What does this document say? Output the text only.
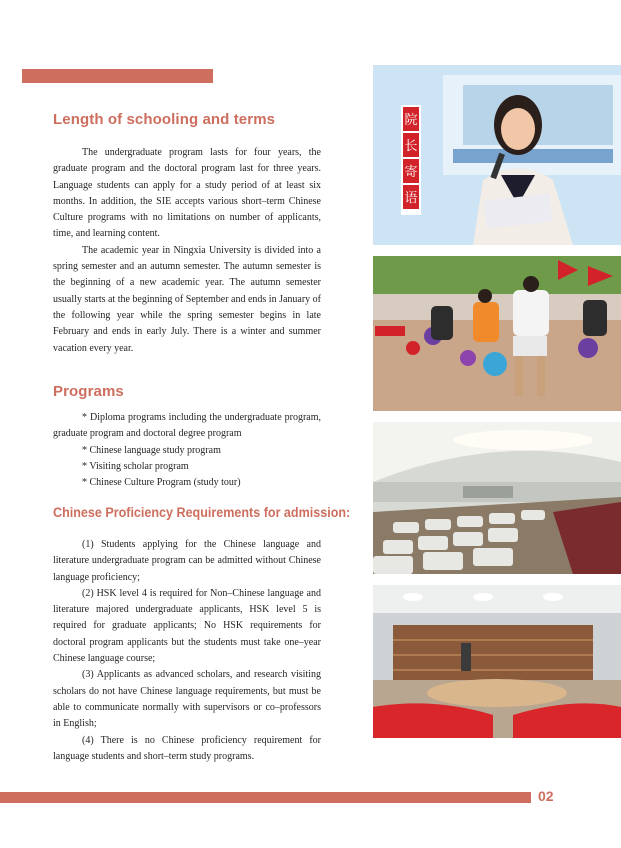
Length of schooling and terms

The undergraduate program lasts for four years, the graduate program and the doctoral program last for three years. Language students can apply for a study period of at least six months. In addition, the SIE accepts various short–term Chinese Culture programs with no limitations on number of applicants, time, and learning content.

The academic year in Ningxia University is divided into a spring semester and an autumn semester. The autumn semester is the beginning of a new academic year. The autumn semester usually starts at the beginning of September and ends in January of the following year while the spring semester begins in late February and ends in early July. There is a winter and summer vacation every year.

Programs

* Diploma programs including the undergraduate program, graduate program and doctoral degree program

* Chinese language study program

* Visiting scholar program

* Chinese Culture Program (study tour)

Chinese Proficiency Requirements for admission:

(1) Students applying for the Chinese language and literature undergraduate program can be admitted without Chinese language proficiency;

(2) HSK level 4 is required for Non–Chinese language and literature majored undergraduate applicants, HSK level 5 is required for graduate applicants; No HSK requirements for doctoral program applicants but the students must take one–year Chinese language course;

(3) Applicants as advanced scholars, and research visiting scholars do not have Chinese language requirements, but must be able to communicate normally with supervisors or co–professors in English;

(4) There is no Chinese proficiency requirement for language students and short–term study programs.

院
长
寄
语
02
